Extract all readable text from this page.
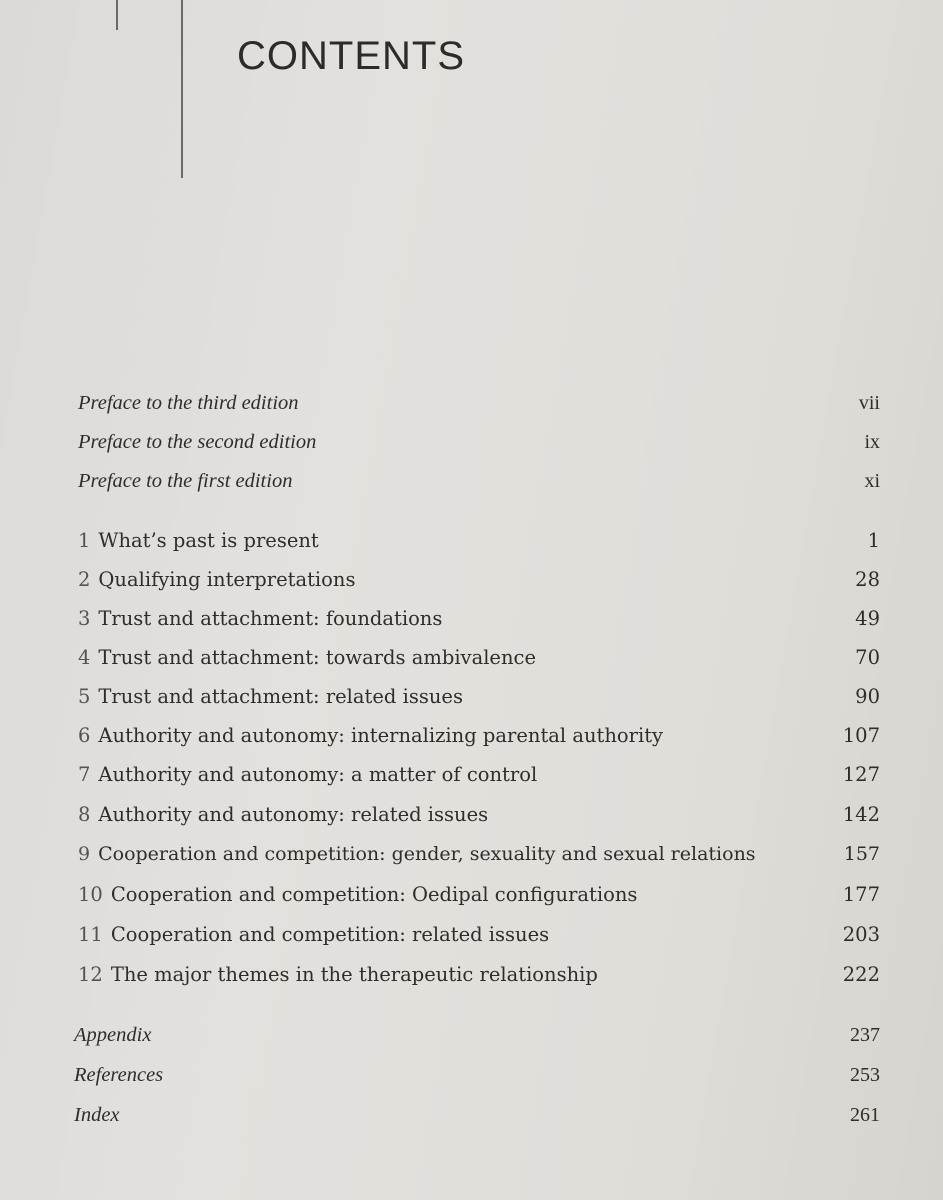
CONTENTS
Preface to the third edition	vii
Preface to the second edition	ix
Preface to the first edition	xi
1 What’s past is present	1
2 Qualifying interpretations	28
3 Trust and attachment: foundations	49
4 Trust and attachment: towards ambivalence	70
5 Trust and attachment: related issues	90
6 Authority and autonomy: internalizing parental authority	107
7 Authority and autonomy: a matter of control	127
8 Authority and autonomy: related issues	142
9 Cooperation and competition: gender, sexuality and sexual relations	157
10 Cooperation and competition: Oedipal configurations	177
11 Cooperation and competition: related issues	203
12 The major themes in the therapeutic relationship	222
Appendix	237
References	253
Index	261
